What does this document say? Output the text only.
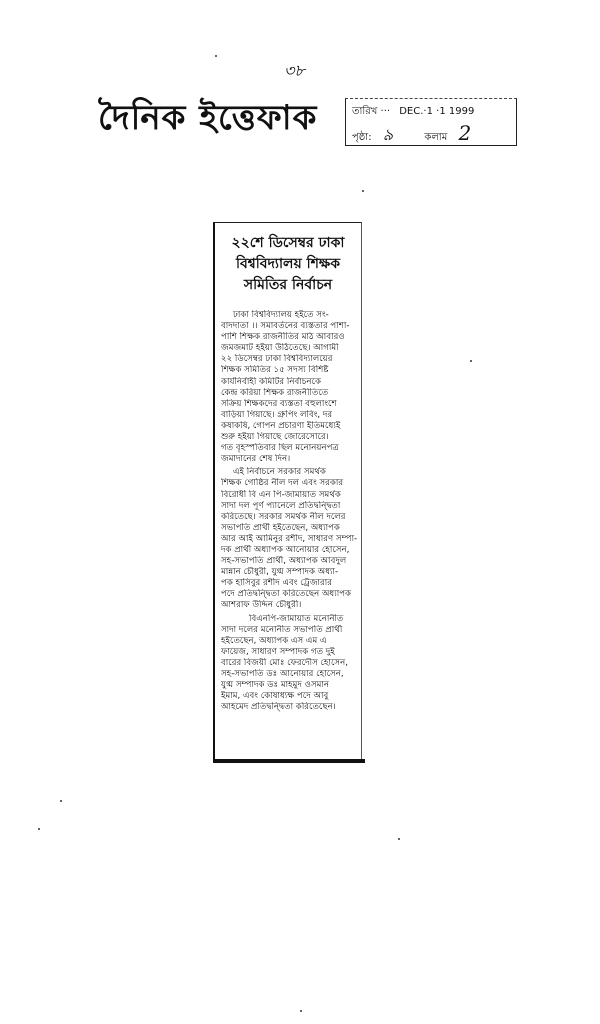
৩৮
দৈনিক ইত্তেফাক	তারিখ ··· DEC.·1 ·1 1999
পৃষ্ঠা: ৯	কলাম 2
২২শে ডিসেম্বর ঢাকা
বিশ্ববিদ্যালয় শিক্ষক
সমিতির নির্বাচন
ঢাকা বিশ্ববিদ্যালয় হইতে সং-
বাদদাতা ।। সমাবর্তনের ব্যস্ততার পাশা-
পাশি শিক্ষক রাজনীতির মাঠ আবারও
জমজমাট হইয়া উঠিতেছে। আগামী
২২ ডিসেম্বর ঢাকা বিশ্ববিদ্যালয়ের
শিক্ষক সমিতির ১৫ সদস্য বিশিষ্ট
কার্যনির্বাহী কমিটির নির্বাচনকে
কেন্দ্র করিয়া শিক্ষক রাজনীতিতে
সক্রিয় শিক্ষকদের ব্যস্ততা বহুলাংশে
বাড়িয়া গিয়াছে। গ্রুপিং লবিং, দর
কষাকষি, গোপন প্রচারণা ইতিমধ্যেই
শুরু হইয়া গিয়াছে জোরেসোরে।
গত বৃহস্পতিবার ছিল মনোনয়নপত্র
জমাদানের শেষ দিন।
এই নির্বাচনে সরকার সমর্থক
শিক্ষক গোষ্ঠির নীল দল এবং সরকার
বিরোধী বি এন পি-জামায়াত সমর্থক
সাদা দল পূর্ণ প্যানেলে প্রতিদ্বন্দ্বিতা
করিতেছে। সরকার সমর্থক নীল দলের
সভাপতি প্রার্থী হইতেছেন, অধ্যাপক
আর আই আমিনুর রশীদ, সাধারণ সম্পা-
দক প্রার্থী অধ্যাপক আনোয়ার হোসেন,
সহ-সভাপতি প্রার্থী, অধ্যাপক আবদুল
মান্নান চৌধুরী, যুগ্ম সম্পাদক অধ্যা-
পক হাসিবুর রশীদ এবং ট্রেজারার
পদে প্রতিদ্বন্দ্বিতা করিতেছেন অধ্যাপক
আশরাফ উদ্দিন চৌধুরী।
বিএনপি-জামায়াত মনোনীত
সাদা দলের মনোনীত সভাপতি প্রার্থী
হইতেছেন, অধ্যাপক এস এম এ
ফায়েজ, সাধারণ সম্পাদক গত দুই
বারের বিজয়ী মোঃ ফেরদৌস হোসেন,
সহ-সভাপতি ডঃ আনোয়ার হোসেন,
যুগ্ম সম্পাদক ডঃ মাহমুদ ওসমান
ইমাম, এবং কোষাধ্যক্ষ পদে আবু
আহমেদ প্রতিদ্বন্দ্বিতা করিতেছেন।
